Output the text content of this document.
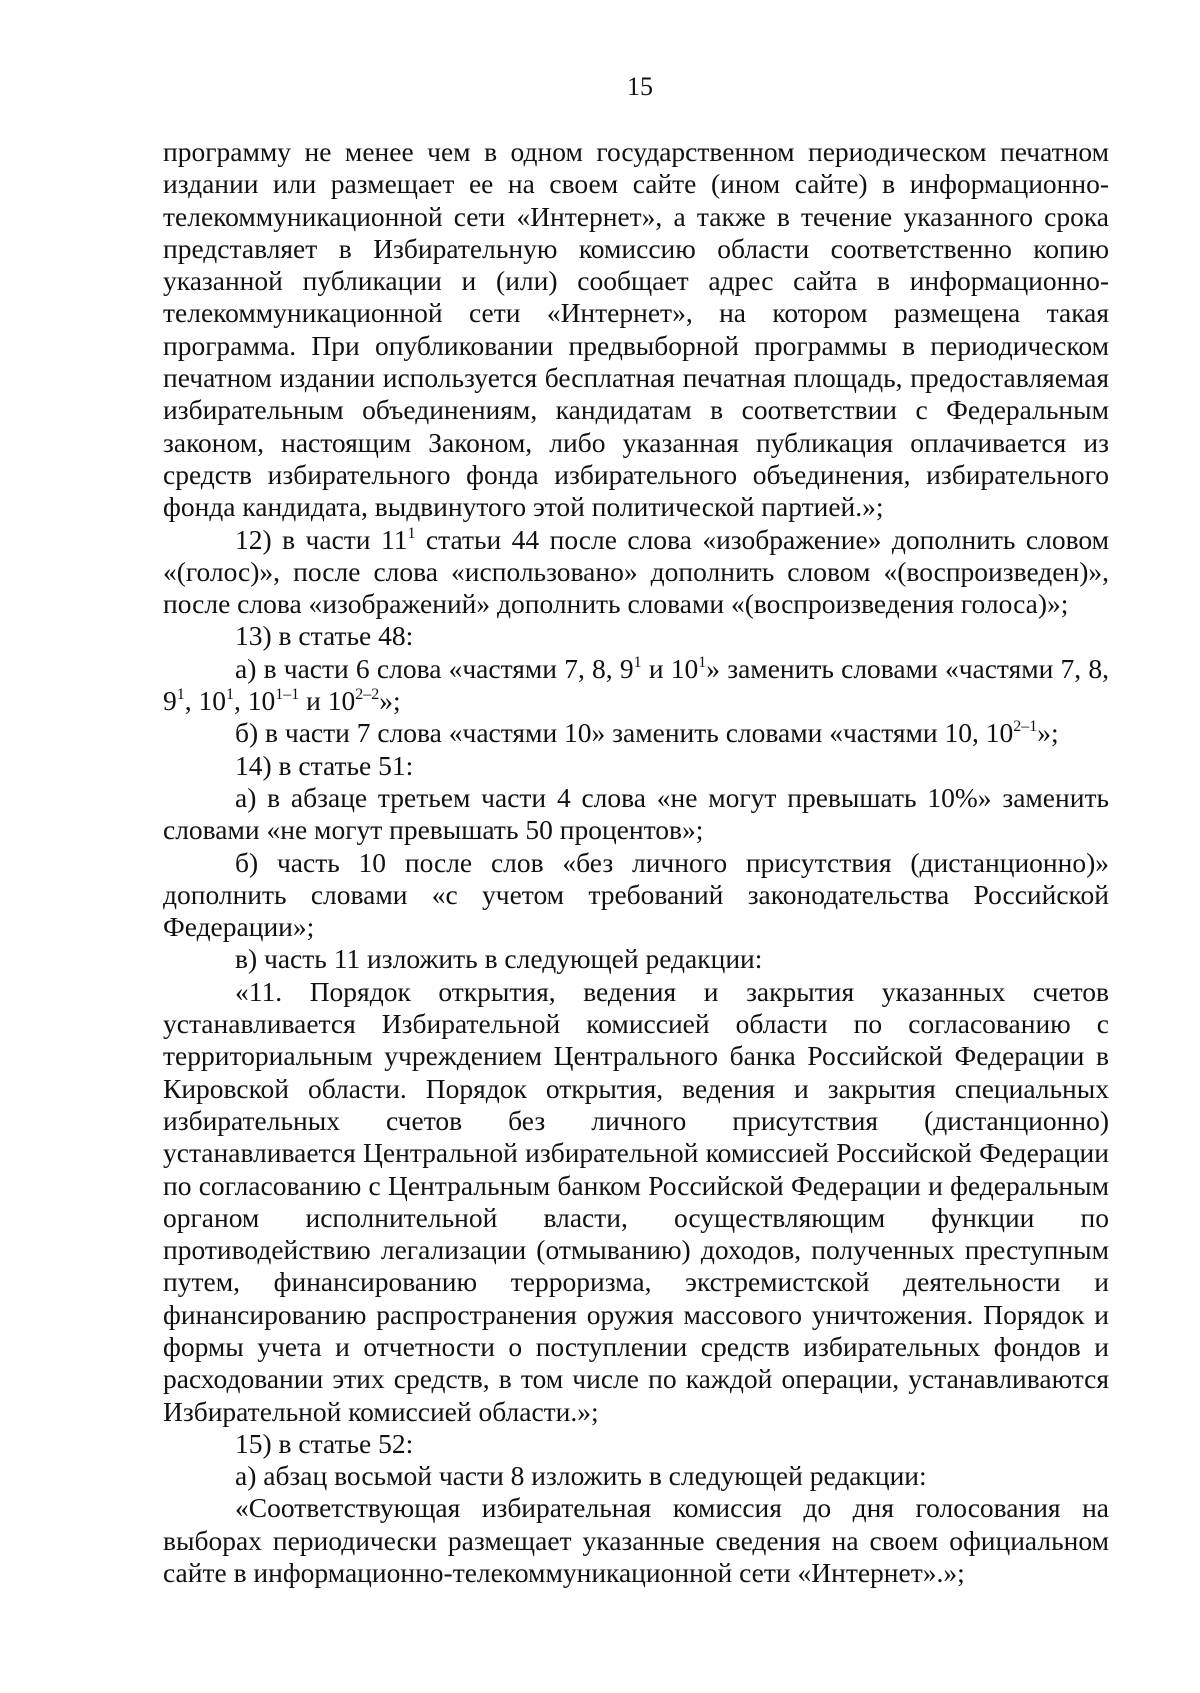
15

программу не менее чем в одном государственном периодическом печатном издании или размещает ее на своем сайте (ином сайте) в информационно-телекоммуникационной сети «Интернет», а также в течение указанного срока представляет в Избирательную комиссию области соответственно копию указанной публикации и (или) сообщает адрес сайта в информационно-телекоммуникационной сети «Интернет», на котором размещена такая программа. При опубликовании предвыборной программы в периодическом печатном издании используется бесплатная печатная площадь, предоставляемая избирательным объединениям, кандидатам в соответствии с Федеральным законом, настоящим Законом, либо указанная публикация оплачивается из средств избирательного фонда избирательного объединения, избирательного фонда кандидата, выдвинутого этой политической партией.»;

12) в части $11^1$ статьи 44 после слова «изображение» дополнить словом «(голос)», после слова «использовано» дополнить словом «(воспроизведен)», после слова «изображений» дополнить словами «(воспроизведения голоса)»;

13) в статье 48:

а) в части 6 слова «частями 7, 8, $9^1$ и $10^1$» заменить словами «частями 7, 8, $9^1$, $10^1$, 10$^{1-1}$ и 10$^{2-2}$»;

б) в части 7 слова «частями 10» заменить словами «частями 10, 10$^{2-1}$»;

14) в статье 51:

а) в абзаце третьем части 4 слова «не могут превышать 10%» заменить словами «не могут превышать 50 процентов»;

б) часть 10 после слов «без личного присутствия (дистанционно)» дополнить словами «с учетом требований законодательства Российской Федерации»;

в) часть 11 изложить в следующей редакции:

«11. Порядок открытия, ведения и закрытия указанных счетов устанавливается Избирательной комиссией области по согласованию с территориальным учреждением Центрального банка Российской Федерации в Кировской области. Порядок открытия, ведения и закрытия специальных избирательных счетов без личного присутствия (дистанционно) устанавливается Центральной избирательной комиссией Российской Федерации по согласованию с Центральным банком Российской Федерации и федеральным органом исполнительной власти, осуществляющим функции по противодействию легализации (отмыванию) доходов, полученных преступным путем, финансированию терроризма, экстремистской деятельности и финансированию распространения оружия массового уничтожения. Порядок и формы учета и отчетности о поступлении средств избирательных фондов и расходовании этих средств, в том числе по каждой операции, устанавливаются Избирательной комиссией области.»;

15) в статье 52:

а) абзац восьмой части 8 изложить в следующей редакции:

«Соответствующая избирательная комиссия до дня голосования на выборах периодически размещает указанные сведения на своем официальном сайте в информационно-телекоммуникационной сети «Интернет».»;
